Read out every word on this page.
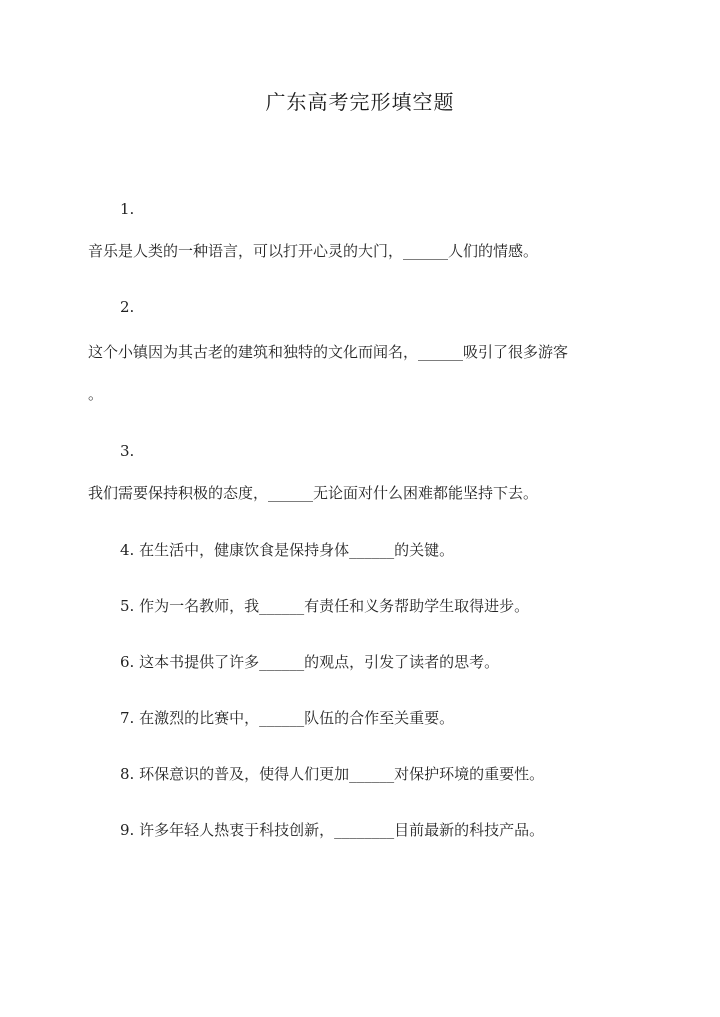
广东高考完形填空题
1.
音乐是人类的一种语言，可以打开心灵的大门，______人们的情感。
2.
这个小镇因为其古老的建筑和独特的文化而闻名，______吸引了很多游客
。
3.
我们需要保持积极的态度，______无论面对什么困难都能坚持下去。
4. 在生活中，健康饮食是保持身体______的关键。
5. 作为一名教师，我______有责任和义务帮助学生取得进步。
6. 这本书提供了许多______的观点，引发了读者的思考。
7. 在激烈的比赛中，______队伍的合作至关重要。
8. 环保意识的普及，使得人们更加______对保护环境的重要性。
9. 许多年轻人热衷于科技创新，________目前最新的科技产品。
